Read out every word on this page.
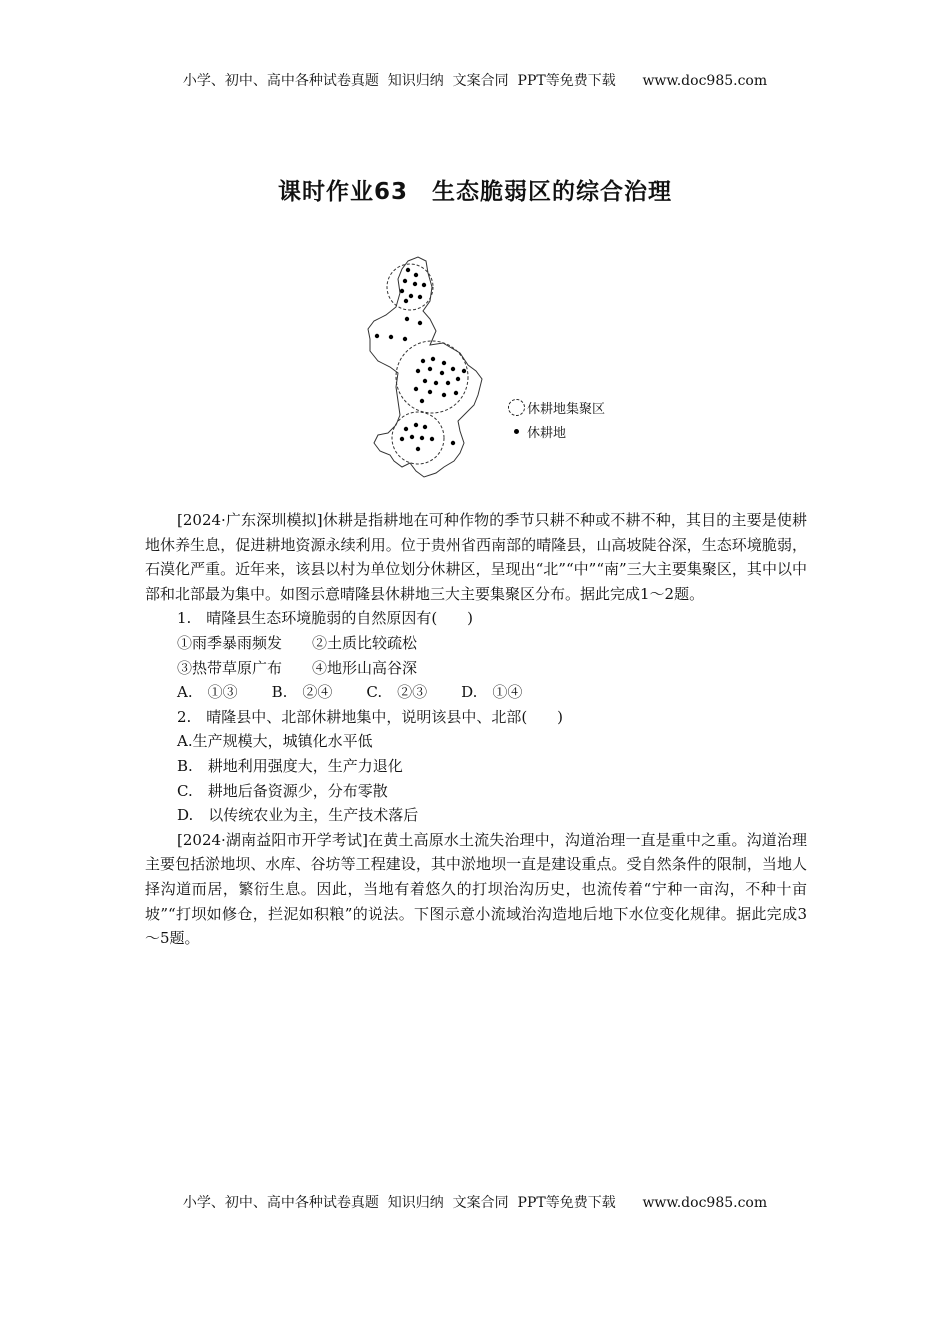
小学、初中、高中各种试卷真题  知识归纳  文案合同  PPT等免费下载      www.doc985.com
课时作业63　生态脆弱区的综合治理
休耕地集聚区
休耕地

[2024·广东深圳模拟]休耕是指耕地在可种作物的季节只耕不种或不耕不种，其目的主要是使耕地休养生息，促进耕地资源永续利用。位于贵州省西南部的晴隆县，山高坡陡谷深，生态环境脆弱，石漠化严重。近年来，该县以村为单位划分休耕区，呈现出“北”“中”“南”三大主要集聚区，其中以中部和北部最为集中。如图示意晴隆县休耕地三大主要集聚区分布。据此完成1～2题。

1.　晴隆县生态环境脆弱的自然原因有(　　)

①雨季暴雨频发　　②土质比较疏松

③热带草原广布　　④地形山高谷深

A.　①③ B.　②④ C.　②③ D.　①④

2.　晴隆县中、北部休耕地集中，说明该县中、北部(　　)

A.生产规模大，城镇化水平低

B.　耕地利用强度大，生产力退化

C.　耕地后备资源少，分布零散

D.　以传统农业为主，生产技术落后

[2024·湖南益阳市开学考试]在黄土高原水土流失治理中，沟道治理一直是重中之重。沟道治理主要包括淤地坝、水库、谷坊等工程建设，其中淤地坝一直是建设重点。受自然条件的限制，当地人择沟道而居，繁衍生息。因此，当地有着悠久的打坝治沟历史，也流传着“宁种一亩沟，不种十亩坡”“打坝如修仓，拦泥如积粮”的说法。下图示意小流域治沟造地后地下水位变化规律。据此完成3～5题。

小学、初中、高中各种试卷真题  知识归纳  文案合同  PPT等免费下载      www.doc985.com
